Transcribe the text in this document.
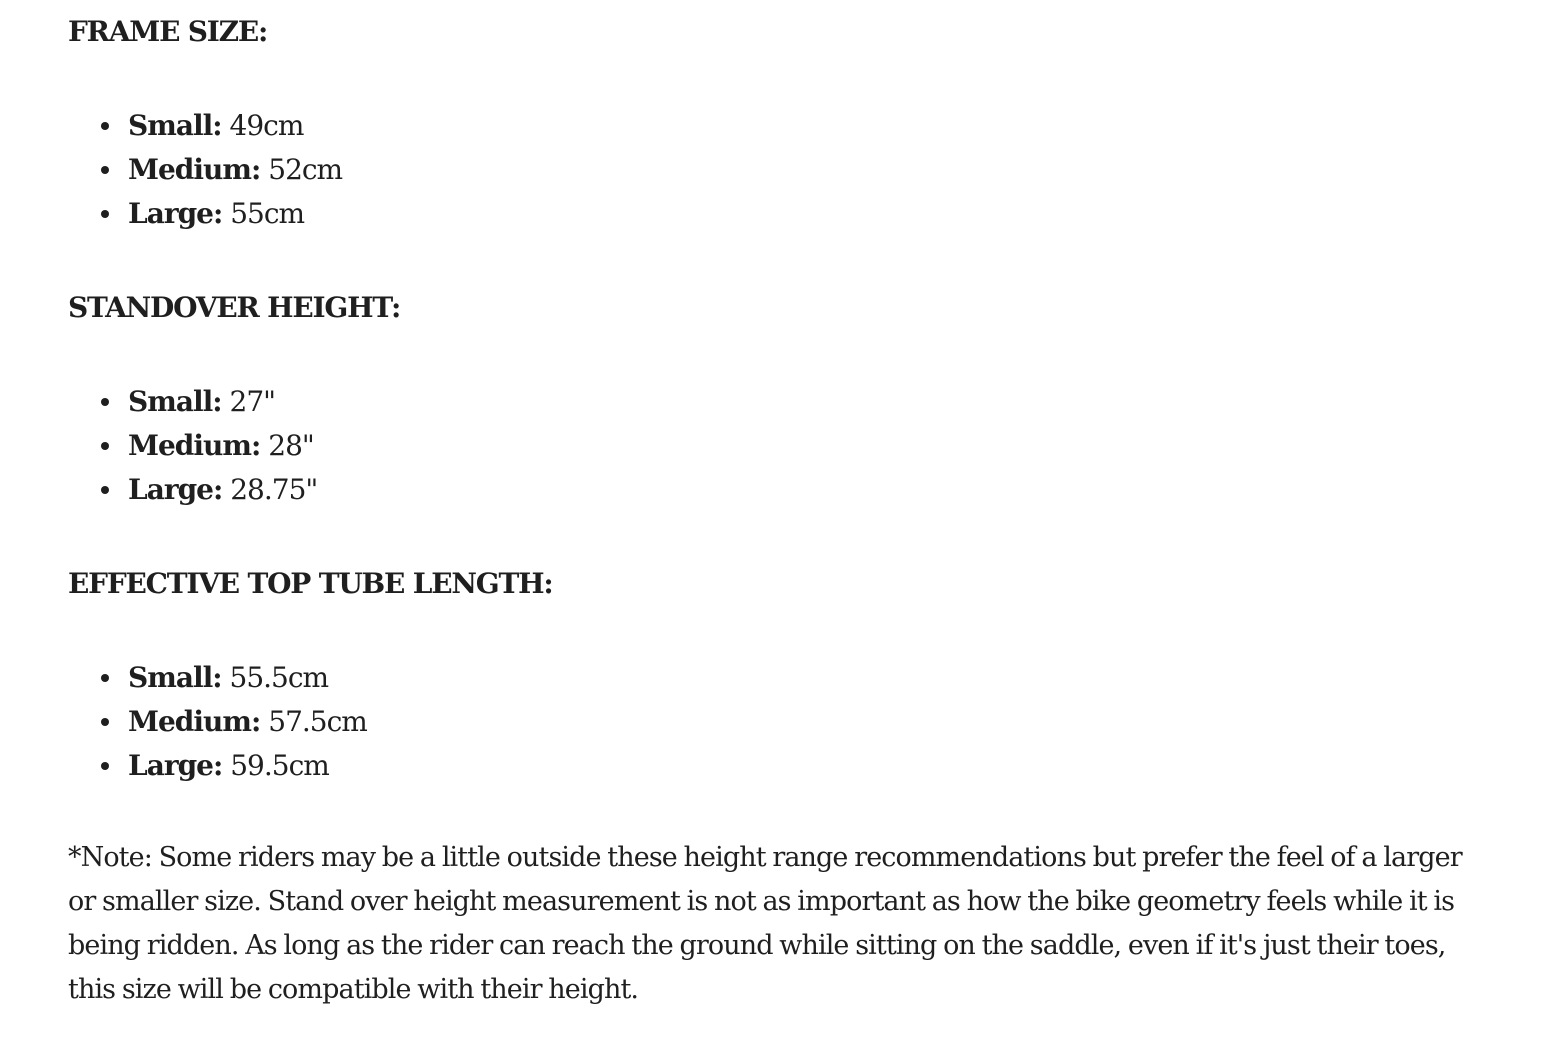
FRAME SIZE:
Small: 49cm
Medium: 52cm
Large: 55cm
STANDOVER HEIGHT:
Small: 27"
Medium: 28"
Large: 28.75"
EFFECTIVE TOP TUBE LENGTH:
Small: 55.5cm
Medium: 57.5cm
Large: 59.5cm

*Note: Some riders may be a little outside these height range recommendations but prefer the feel of a larger or smaller size. Stand over height measurement is not as important as how the bike geometry feels while it is being ridden. As long as the rider can reach the ground while sitting on the saddle, even if it's just their toes, this size will be compatible with their height.
